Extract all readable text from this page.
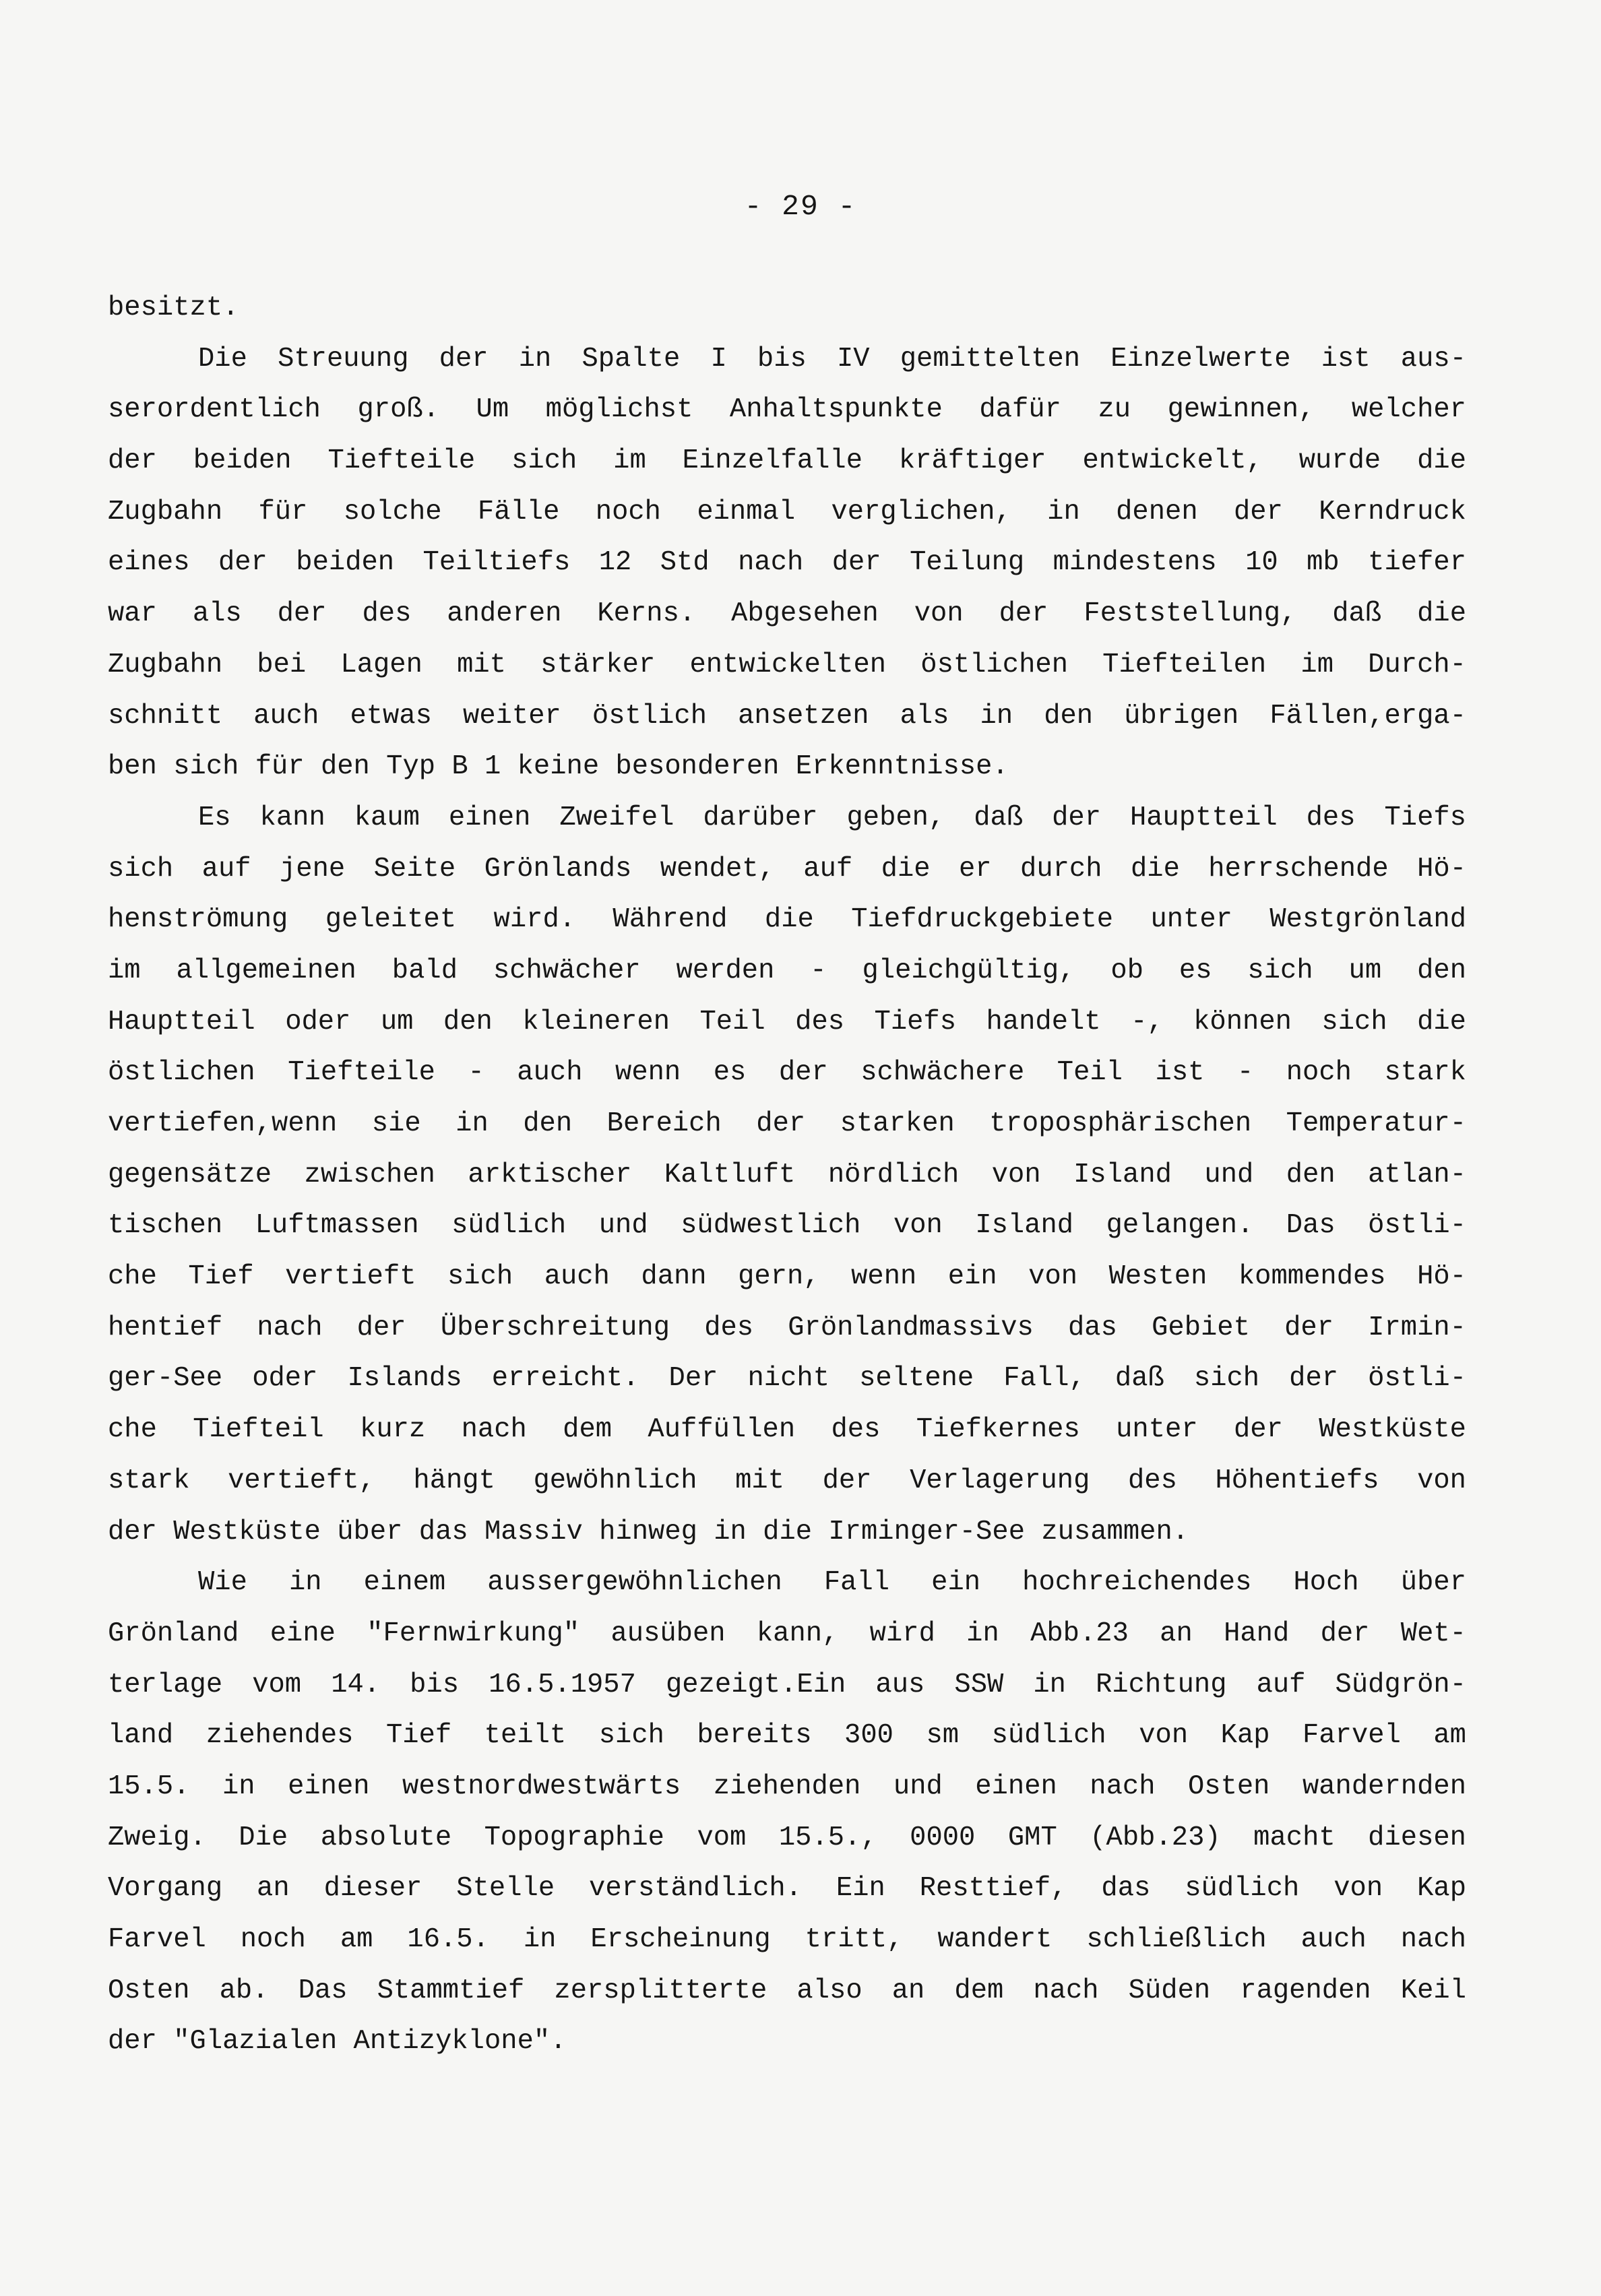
- 29 -
besitzt.
Die Streuung der in Spalte I bis IV gemittelten Einzelwerte ist aus-
serordentlich groß. Um möglichst Anhaltspunkte dafür zu gewinnen, welcher
der beiden Tiefteile sich im Einzelfalle kräftiger entwickelt, wurde die
Zugbahn für solche Fälle noch einmal verglichen, in denen der Kerndruck
eines der beiden Teiltiefs 12 Std nach der Teilung mindestens 10 mb tiefer
war als der des anderen Kerns. Abgesehen von der Feststellung, daß die
Zugbahn bei Lagen mit stärker entwickelten östlichen Tiefteilen im Durch-
schnitt auch etwas weiter östlich ansetzen als in den übrigen Fällen,erga-
ben sich für den Typ B 1 keine besonderen Erkenntnisse.
Es kann kaum einen Zweifel darüber geben, daß der Hauptteil des Tiefs
sich auf jene Seite Grönlands wendet, auf die er durch die herrschende Hö-
henströmung geleitet wird. Während die Tiefdruckgebiete unter Westgrönland
im allgemeinen bald schwächer werden - gleichgültig, ob es sich um den
Hauptteil oder um den kleineren Teil des Tiefs handelt -, können sich die
östlichen Tiefteile - auch wenn es der schwächere Teil ist - noch stark
vertiefen,wenn sie in den Bereich der starken troposphärischen Temperatur-
gegensätze zwischen arktischer Kaltluft nördlich von Island und den atlan-
tischen Luftmassen südlich und südwestlich von Island gelangen. Das östli-
che Tief vertieft sich auch dann gern, wenn ein von Westen kommendes Hö-
hentief nach der Überschreitung des Grönlandmassivs das Gebiet der Irmin-
ger-See oder Islands erreicht. Der nicht seltene Fall, daß sich der östli-
che Tiefteil kurz nach dem Auffüllen des Tiefkernes unter der Westküste
stark vertieft, hängt gewöhnlich mit der Verlagerung des Höhentiefs von
der Westküste über das Massiv hinweg in die Irminger-See zusammen.
Wie in einem aussergewöhnlichen Fall ein hochreichendes Hoch über
Grönland eine "Fernwirkung" ausüben kann, wird in Abb.23 an Hand der Wet-
terlage vom 14. bis 16.5.1957 gezeigt.Ein aus SSW in Richtung auf Südgrön-
land ziehendes Tief teilt sich bereits 300 sm südlich von Kap Farvel am
15.5. in einen westnordwestwärts ziehenden und einen nach Osten wandernden
Zweig. Die absolute Topographie vom 15.5., 0000 GMT (Abb.23) macht diesen
Vorgang an dieser Stelle verständlich. Ein Resttief, das südlich von Kap
Farvel noch am 16.5. in Erscheinung tritt, wandert schließlich auch nach
Osten ab. Das Stammtief zersplitterte also an dem nach Süden ragenden Keil
der "Glazialen Antizyklone".
